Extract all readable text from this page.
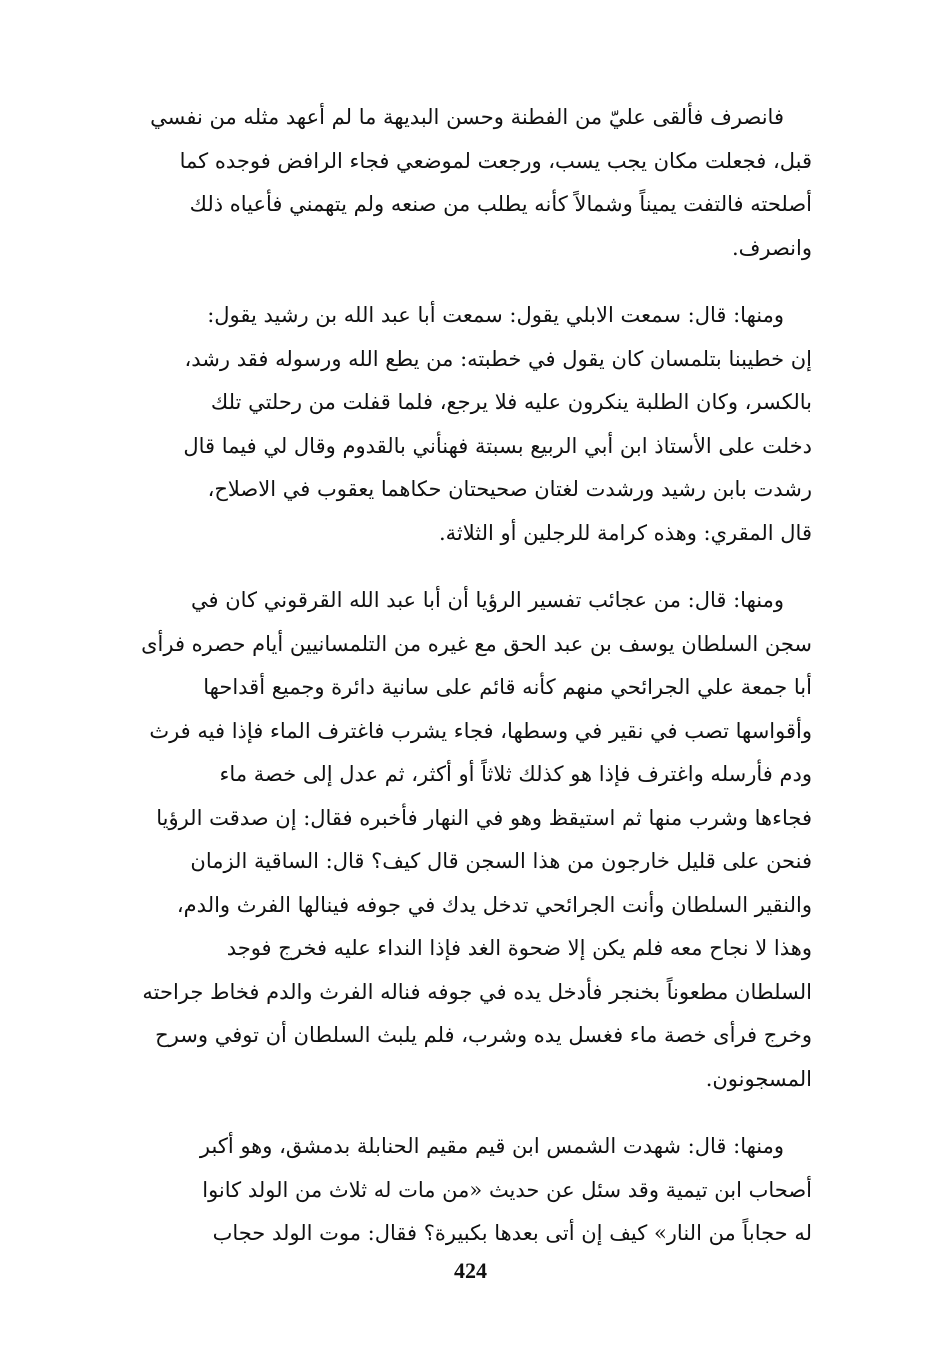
فانصرف فألقى عليّ من الفطنة وحسن البديهة ما لم أعهد مثله من نفسي
قبل، فجعلت مكان يجب يسب، ورجعت لموضعي فجاء الرافض فوجده كما
أصلحته فالتفت يميناً وشمالاً كأنه يطلب من صنعه ولم يتهمني فأعياه ذلك
وانصرف.
ومنها: قال: سمعت الابلي يقول: سمعت أبا عبد الله بن رشيد يقول:
إن خطيبنا بتلمسان كان يقول في خطبته: من يطع الله ورسوله فقد رشد،
بالكسر، وكان الطلبة ينكرون عليه فلا يرجع، فلما قفلت من رحلتي تلك
دخلت على الأستاذ ابن أبي الربيع بسبتة فهنأني بالقدوم وقال لي فيما قال
رشدت بابن رشيد ورشدت لغتان صحيحتان حكاهما يعقوب في الاصلاح،
قال المقري: وهذه كرامة للرجلين أو الثلاثة.
ومنها: قال: من عجائب تفسير الرؤيا أن أبا عبد الله القرقوني كان في
سجن السلطان يوسف بن عبد الحق مع غيره من التلمسانيين أيام حصره فرأى
أبا جمعة علي الجرائحي منهم كأنه قائم على سانية دائرة وجميع أقداحها
وأقواسها تصب في نقير في وسطها، فجاء يشرب فاغترف الماء فإذا فيه فرث
ودم فأرسله واغترف فإذا هو كذلك ثلاثاً أو أكثر، ثم عدل إلى خصة ماء
فجاءها وشرب منها ثم استيقظ وهو في النهار فأخبره فقال: إن صدقت الرؤيا
فنحن على قليل خارجون من هذا السجن قال كيف؟ قال: الساقية الزمان
والنقير السلطان وأنت الجرائحي تدخل يدك في جوفه فينالها الفرث والدم،
وهذا لا نجاح معه فلم يكن إلا ضحوة الغد فإذا النداء عليه فخرج فوجد
السلطان مطعوناً بخنجر فأدخل يده في جوفه فناله الفرث والدم فخاط جراحته
وخرج فرأى خصة ماء فغسل يده وشرب، فلم يلبث السلطان أن توفي وسرح
المسجونون.
ومنها: قال: شهدت الشمس ابن قيم مقيم الحنابلة بدمشق، وهو أكبر
أصحاب ابن تيمية وقد سئل عن حديث «من مات له ثلاث من الولد كانوا
له حجاباً من النار» كيف إن أتى بعدها بكبيرة؟ فقال: موت الولد حجاب
424
